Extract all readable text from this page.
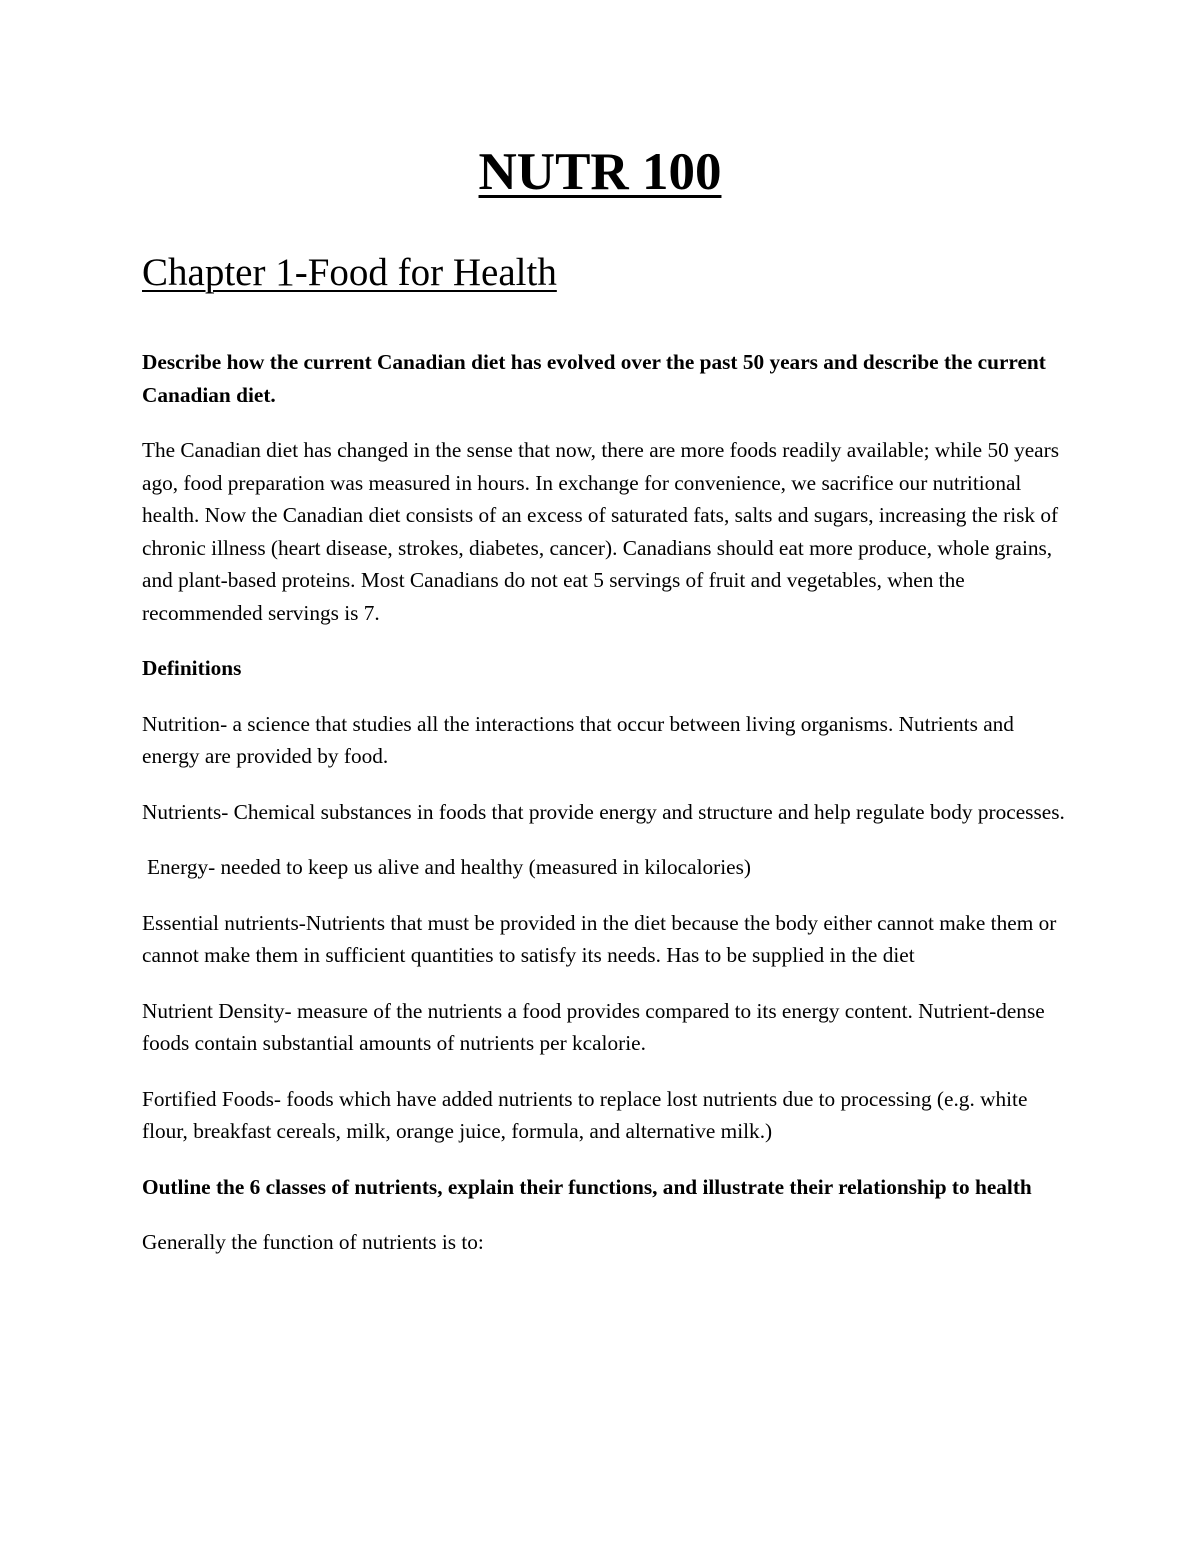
NUTR 100
Chapter 1-Food for Health

Describe how the current Canadian diet has evolved over the past 50 years and describe the current Canadian diet.

The Canadian diet has changed in the sense that now, there are more foods readily available; while 50 years ago, food preparation was measured in hours. In exchange for convenience, we sacrifice our nutritional health. Now the Canadian diet consists of an excess of saturated fats, salts and sugars, increasing the risk of chronic illness (heart disease, strokes, diabetes, cancer). Canadians should eat more produce, whole grains, and plant-based proteins. Most Canadians do not eat 5 servings of fruit and vegetables, when the recommended servings is 7.

Definitions

Nutrition- a science that studies all the interactions that occur between living organisms. Nutrients and energy are provided by food.

Nutrients- Chemical substances in foods that provide energy and structure and help regulate body processes.

Energy- needed to keep us alive and healthy (measured in kilocalories)

Essential nutrients-Nutrients that must be provided in the diet because the body either cannot make them or cannot make them in sufficient quantities to satisfy its needs. Has to be supplied in the diet

Nutrient Density- measure of the nutrients a food provides compared to its energy content. Nutrient-dense foods contain substantial amounts of nutrients per kcalorie.

Fortified Foods- foods which have added nutrients to replace lost nutrients due to processing (e.g. white flour, breakfast cereals, milk, orange juice, formula, and alternative milk.)

Outline the 6 classes of nutrients, explain their functions, and illustrate their relationship to health

Generally the function of nutrients is to:
